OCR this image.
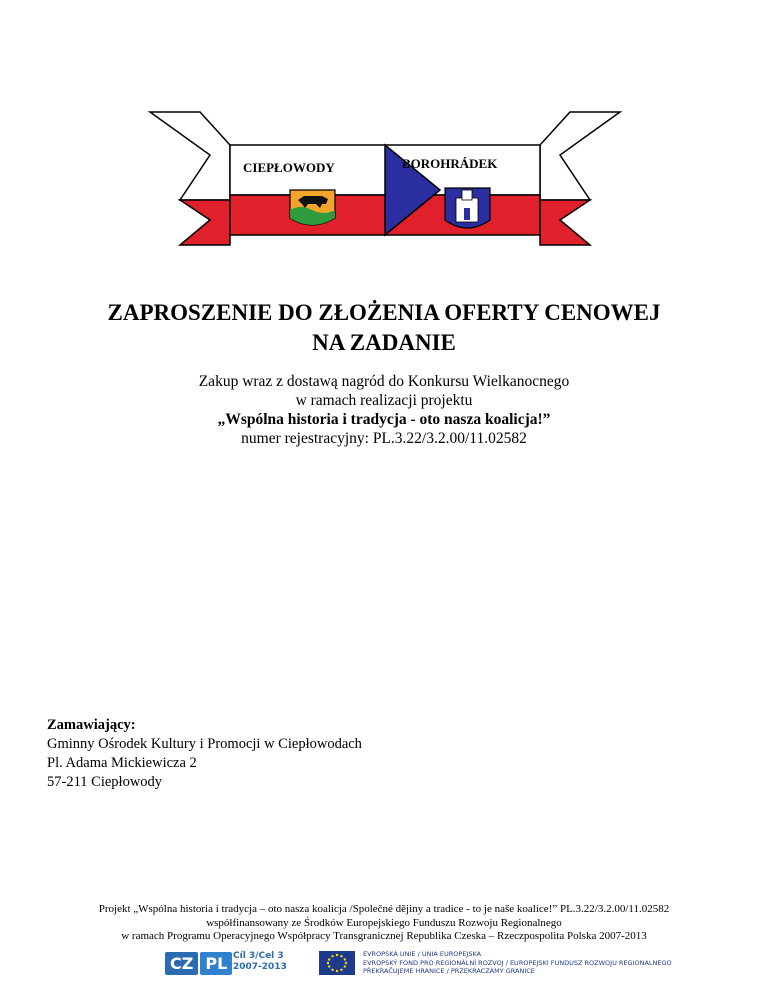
CIEPŁOWODY	BOROHRÁDEK
ZAPROSZENIE DO ZŁOŻENIA OFERTY CENOWEJ
NA ZADANIE
Zakup wraz z dostawą nagród do Konkursu Wielkanocnego
w ramach realizacji projektu
„Wspólna historia i tradycja - oto nasza koalicja!”
numer rejestracyjny: PL.3.22/3.2.00/11.02582
Zamawiający:
Gminny Ośrodek Kultury i Promocji w Ciepłowodach
Pl. Adama Mickiewicza 2
57-211 Ciepłowody
Projekt „Wspólna historia i tradycja – oto nasza koalicja /Společné dějiny a tradice - to je naše koalice!” PL.3.22/3.2.00/11.02582
współfinansowany ze Środków Europejskiego Funduszu Rozwoju Regionalnego
w ramach Programu Operacyjnego Współpracy Transgranicznej Republika Czeska – Rzeczpospolita Polska 2007-2013
CZ PL Cíl 3/Cel 3
2007-2013
EVROPSKÁ UNIE / UNIA EUROPEJSKA
EVROPSKÝ FOND PRO REGIONÁLNÍ ROZVOJ / EUROPEJSKI FUNDUSZ ROZWOJU REGIONALNEGO
PŘEKRAČUJEME HRANICE / PRZEKRACZAMY GRANICE
